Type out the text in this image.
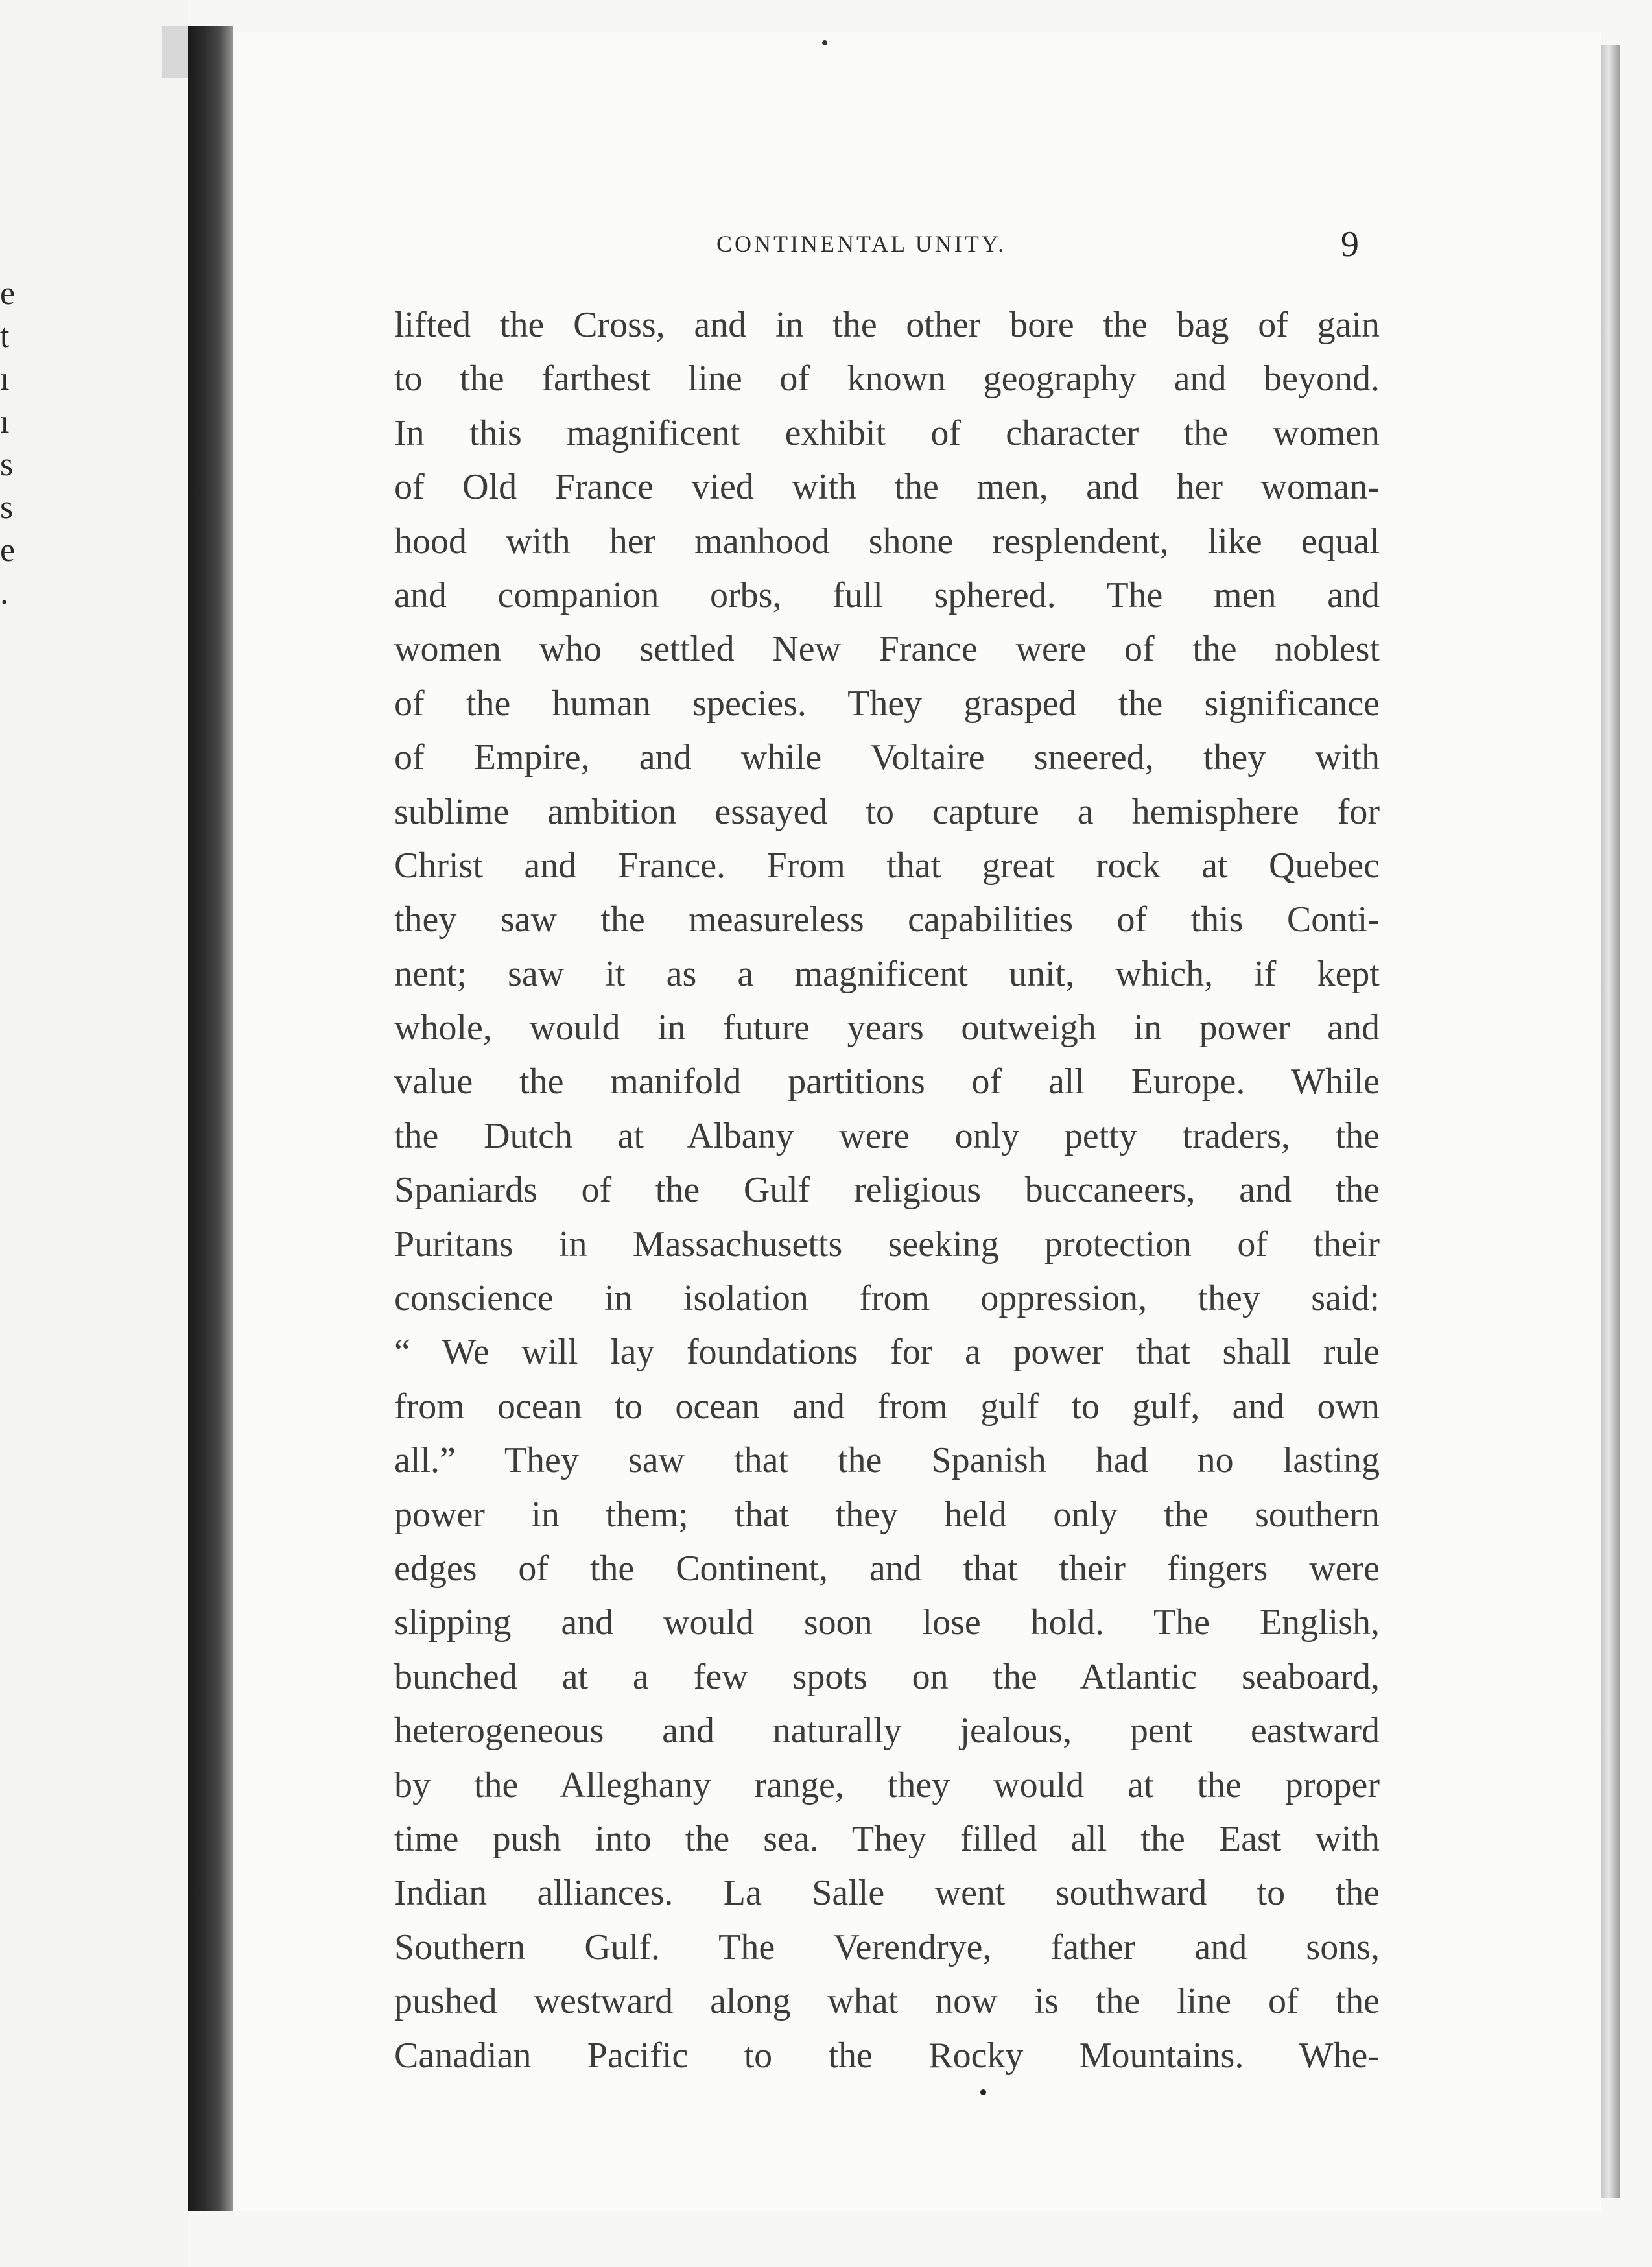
e
t
ı
ı
s
s
e
.
CONTINENTAL UNITY.	9
lifted the Cross, and in the other bore the bag of gain
to the farthest line of known geography and beyond.
In this magnificent exhibit of character the women
of Old France vied with the men, and her woman-
hood with her manhood shone resplendent, like equal
and companion orbs, full sphered. The men and
women who settled New France were of the noblest
of the human species. They grasped the significance
of Empire, and while Voltaire sneered, they with
sublime ambition essayed to capture a hemisphere for
Christ and France. From that great rock at Quebec
they saw the measureless capabilities of this Conti-
nent; saw it as a magnificent unit, which, if kept
whole, would in future years outweigh in power and
value the manifold partitions of all Europe. While
the Dutch at Albany were only petty traders, the
Spaniards of the Gulf religious buccaneers, and the
Puritans in Massachusetts seeking protection of their
conscience in isolation from oppression, they said:
“ We will lay foundations for a power that shall rule
from ocean to ocean and from gulf to gulf, and own
all.” They saw that the Spanish had no lasting
power in them; that they held only the southern
edges of the Continent, and that their fingers were
slipping and would soon lose hold. The English,
bunched at a few spots on the Atlantic seaboard,
heterogeneous and naturally jealous, pent eastward
by the Alleghany range, they would at the proper
time push into the sea. They filled all the East with
Indian alliances. La Salle went southward to the
Southern Gulf. The Verendrye, father and sons,
pushed westward along what now is the line of the
Canadian Pacific to the Rocky Mountains. Whe-
